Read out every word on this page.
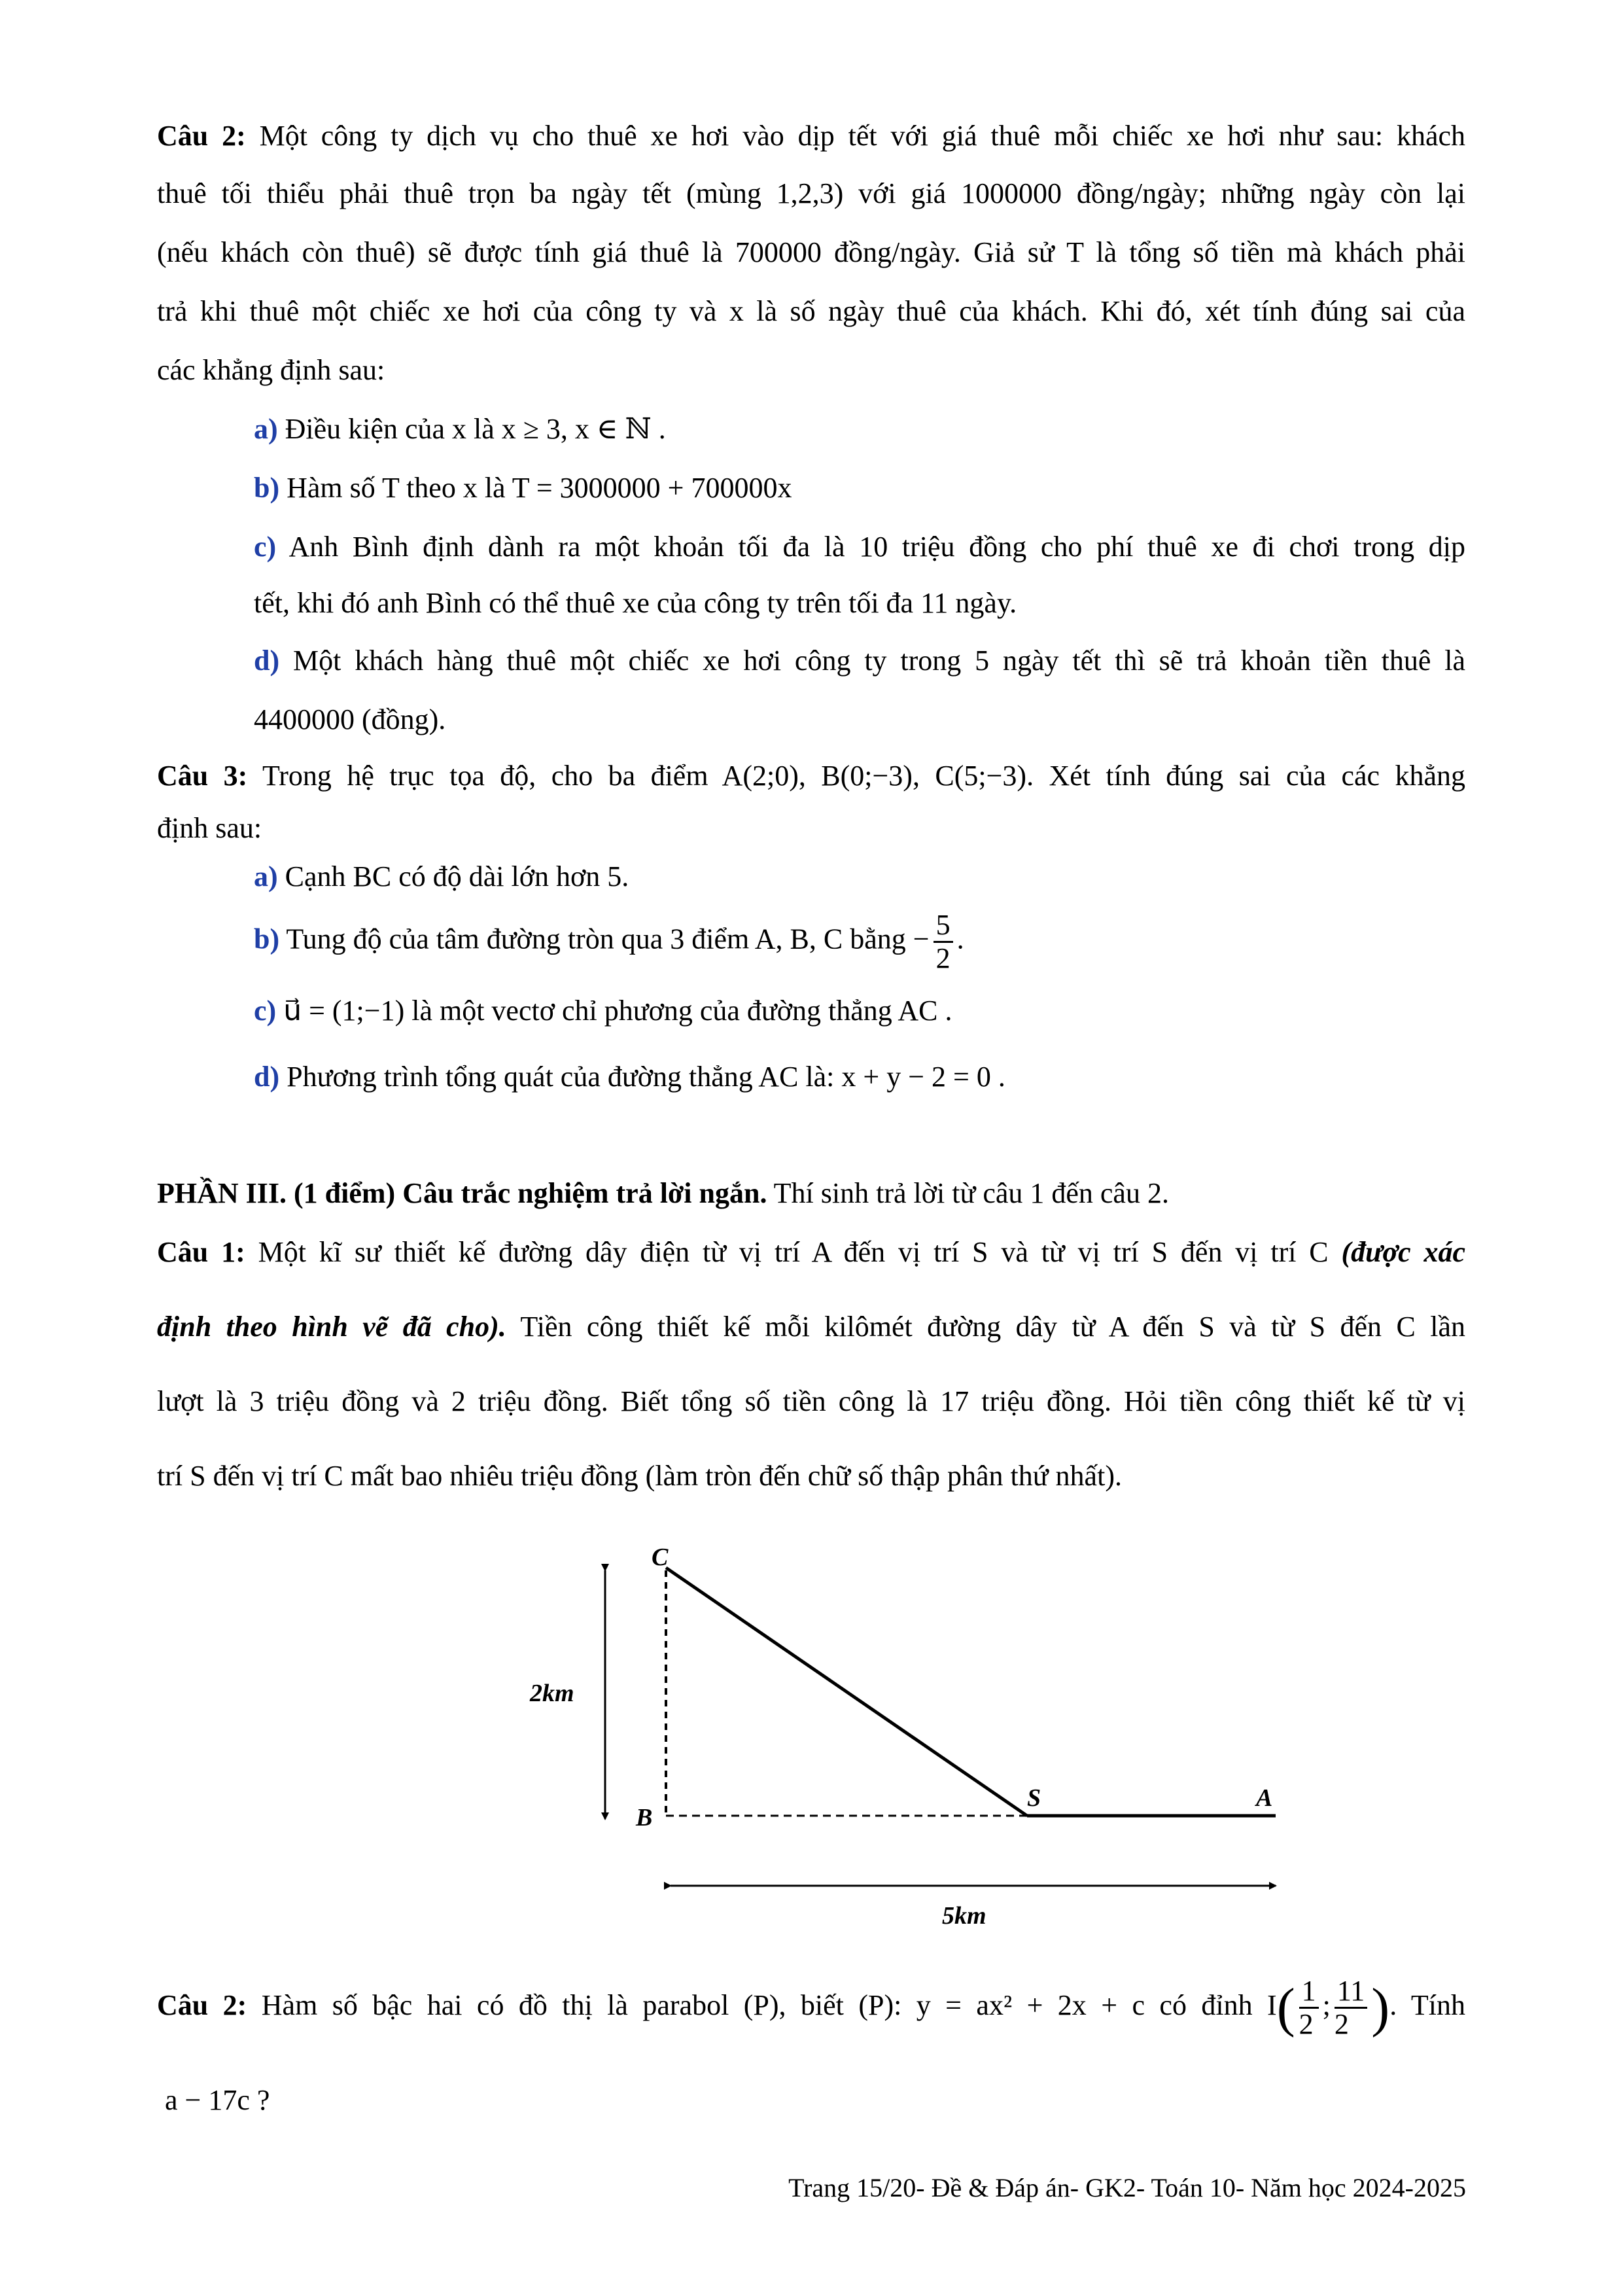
Câu 2: Một công ty dịch vụ cho thuê xe hơi vào dịp tết với giá thuê mỗi chiếc xe hơi như sau: khách
thuê tối thiểu phải thuê trọn ba ngày tết (mùng 1,2,3) với giá 1000000 đồng/ngày; những ngày còn lại
(nếu khách còn thuê) sẽ được tính giá thuê là 700000 đồng/ngày. Giả sử T là tổng số tiền mà khách phải
trả khi thuê một chiếc xe hơi của công ty và x là số ngày thuê của khách. Khi đó, xét tính đúng sai của
các khẳng định sau:
a) Điều kiện của x là x ≥ 3, x ∈ ℕ .
b) Hàm số T theo x là T = 3000000 + 700000x
c) Anh Bình định dành ra một khoản tối đa là 10 triệu đồng cho phí thuê xe đi chơi trong dịp
tết, khi đó anh Bình có thể thuê xe của công ty trên tối đa 11 ngày.
d) Một khách hàng thuê một chiếc xe hơi công ty trong 5 ngày tết thì sẽ trả khoản tiền thuê là
4400000 (đồng).
Câu 3: Trong hệ trục tọa độ, cho ba điểm A(2;0), B(0;−3), C(5;−3). Xét tính đúng sai của các khẳng
định sau:
a) Cạnh BC có độ dài lớn hơn 5.
b) Tung độ của tâm đường tròn qua 3 điểm A, B, C bằng − $\frac{5}{2}$ .
c) u⃗ = (1;−1) là một vectơ chỉ phương của đường thẳng AC .
d) Phương trình tổng quát của đường thẳng AC là: x + y − 2 = 0 .
PHẦN III. (1 điểm) Câu trắc nghiệm trả lời ngắn. Thí sinh trả lời từ câu 1 đến câu 2.
Câu 1: Một kĩ sư thiết kế đường dây điện từ vị trí A đến vị trí S và từ vị trí S đến vị trí C (được xác
định theo hình vẽ đã cho). Tiền công thiết kế mỗi kilômét đường dây từ A đến S và từ S đến C lần
lượt là 3 triệu đồng và 2 triệu đồng. Biết tổng số tiền công là 17 triệu đồng. Hỏi tiền công thiết kế từ vị
trí S đến vị trí C mất bao nhiêu triệu đồng (làm tròn đến chữ số thập phân thứ nhất).
C
B
S	A
2km
5km
Câu 2: Hàm số bậc hai có đồ thị là parabol (P), biết (P): y = ax² + 2x + c có đỉnh $I( \frac{1}{2}$ ; $\frac{11}{2}$ ). Tính
a − 17c ?
Trang 15/20- Đề & Đáp án- GK2- Toán 10- Năm học 2024-2025
